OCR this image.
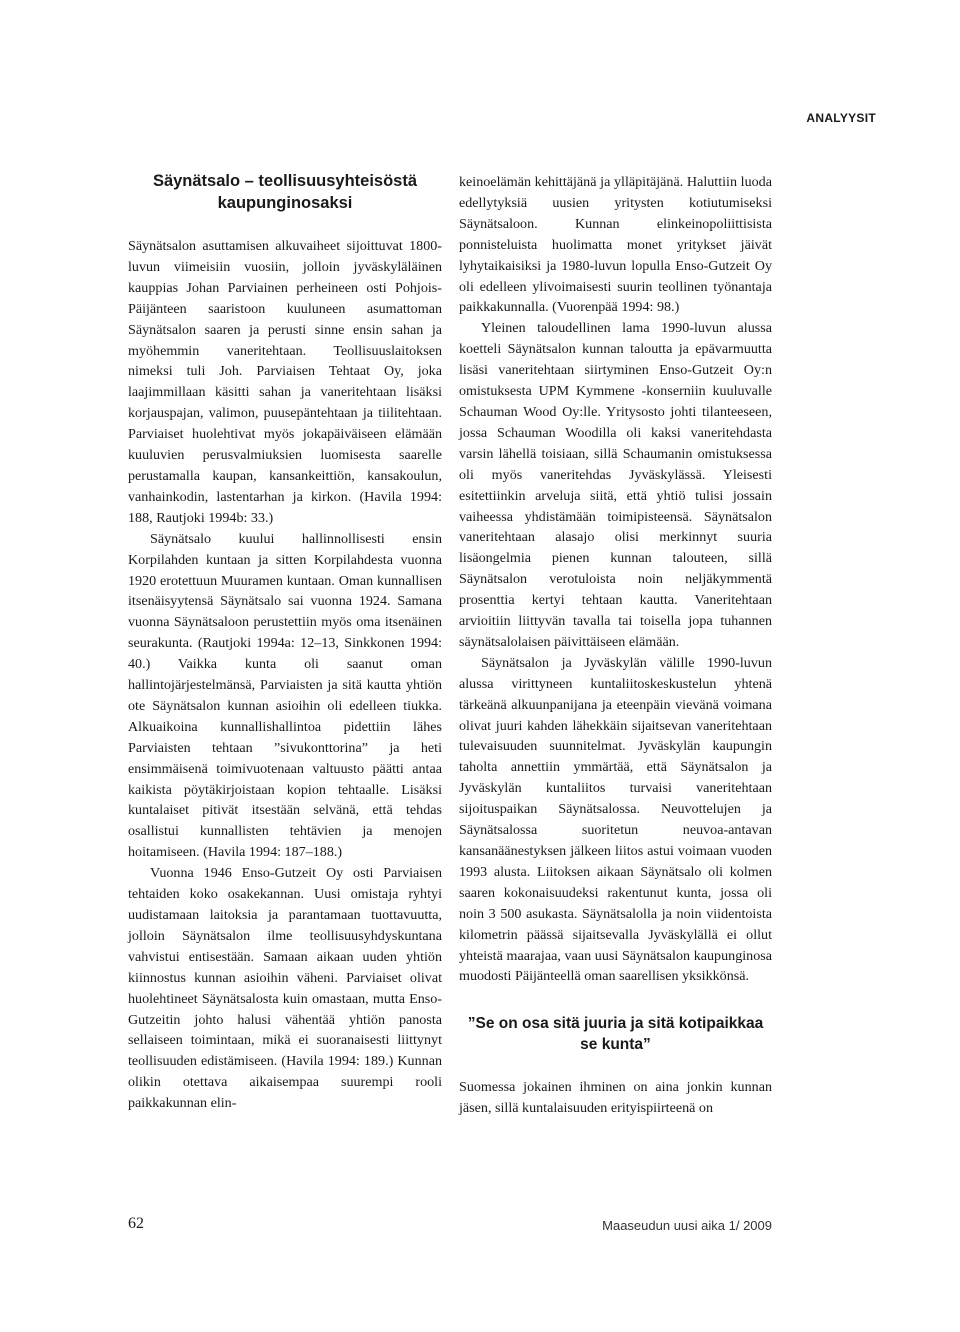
ANALYYSIT
Säynätsalo – teollisuusyhteisöstä kaupunginosaksi

Säynätsalon asuttamisen alkuvaiheet sijoittuvat 1800-luvun viimeisiin vuosiin, jolloin jyväskyläläinen kauppias Johan Parviainen perheineen osti Pohjois-Päijänteen saaristoon kuuluneen asumattoman Säynätsalon saaren ja perusti sinne ensin sahan ja myöhemmin vaneritehtaan. Teollisuuslaitoksen nimeksi tuli Joh. Parviaisen Tehtaat Oy, joka laajimmillaan käsitti sahan ja vaneritehtaan lisäksi korjauspajan, valimon, puusepäntehtaan ja tiilitehtaan. Parviaiset huolehtivat myös jokapäiväiseen elämään kuuluvien perusvalmiuksien luomisesta saarelle perustamalla kaupan, kansankeittiön, kansakoulun, vanhainkodin, lastentarhan ja kirkon. (Havila 1994: 188, Rautjoki 1994b: 33.)

Säynätsalo kuului hallinnollisesti ensin Korpilahden kuntaan ja sitten Korpilahdesta vuonna 1920 erotettuun Muuramen kuntaan. Oman kunnallisen itsenäisyytensä Säynätsalo sai vuonna 1924. Samana vuonna Säynätsaloon perustettiin myös oma itsenäinen seurakunta. (Rautjoki 1994a: 12–13, Sinkkonen 1994: 40.) Vaikka kunta oli saanut oman hallintojärjestelmänsä, Parviaisten ja sitä kautta yhtiön ote Säynätsalon kunnan asioihin oli edelleen tiukka. Alkuaikoina kunnallishallintoa pidettiin lähes Parviaisten tehtaan ”sivukonttorina” ja heti ensimmäisenä toimivuotenaan valtuusto päätti antaa kaikista pöytäkirjoistaan kopion tehtaalle. Lisäksi kuntalaiset pitivät itsestään selvänä, että tehdas osallistui kunnallisten tehtävien ja menojen hoitamiseen. (Havila 1994: 187–188.)

Vuonna 1946 Enso-Gutzeit Oy osti Parviaisen tehtaiden koko osakekannan. Uusi omistaja ryhtyi uudistamaan laitoksia ja parantamaan tuottavuutta, jolloin Säynätsalon ilme teollisuusyhdyskuntana vahvistui entisestään. Samaan aikaan uuden yhtiön kiinnostus kunnan asioihin väheni. Parviaiset olivat huolehtineet Säynätsalosta kuin omastaan, mutta Enso-Gutzeitin johto halusi vähentää yhtiön panosta sellaiseen toimintaan, mikä ei suoranaisesti liittynyt teollisuuden edistämiseen. (Havila 1994: 189.) Kunnan olikin otettava aikaisempaa suurempi rooli paikkakunnan elin-

keinoelämän kehittäjänä ja ylläpitäjänä. Haluttiin luoda edellytyksiä uusien yritysten kotiutumiseksi Säynätsaloon. Kunnan elinkeinopoliittisista ponnisteluista huolimatta monet yritykset jäivät lyhytaikaisiksi ja 1980-luvun lopulla Enso-Gutzeit Oy oli edelleen ylivoimaisesti suurin teollinen työnantaja paikkakunnalla. (Vuorenpää 1994: 98.)

Yleinen taloudellinen lama 1990-luvun alussa koetteli Säynätsalon kunnan taloutta ja epävarmuutta lisäsi vaneritehtaan siirtyminen Enso-Gutzeit Oy:n omistuksesta UPM Kymmene -konserniin kuuluvalle Schauman Wood Oy:lle. Yritysosto johti tilanteeseen, jossa Schauman Woodilla oli kaksi vaneritehdasta varsin lähellä toisiaan, sillä Schaumanin omistuksessa oli myös vaneritehdas Jyväskylässä. Yleisesti esitettiinkin arveluja siitä, että yhtiö tulisi jossain vaiheessa yhdistämään toimipisteensä. Säynätsalon vaneritehtaan alasajo olisi merkinnyt suuria lisäongelmia pienen kunnan talouteen, sillä Säynätsalon verotuloista noin neljäkymmentä prosenttia kertyi tehtaan kautta. Vaneritehtaan arvioitiin liittyvän tavalla tai toisella jopa tuhannen säynätsalolaisen päivittäiseen elämään.

Säynätsalon ja Jyväskylän välille 1990-luvun alussa virittyneen kuntaliitoskeskustelun yhtenä tärkeänä alkuunpanijana ja eteenpäin vievänä voimana olivat juuri kahden lähekkäin sijaitsevan vaneritehtaan tulevaisuuden suunnitelmat. Jyväskylän kaupungin taholta annettiin ymmärtää, että Säynätsalon ja Jyväskylän kuntaliitos turvaisi vaneritehtaan sijoituspaikan Säynätsalossa. Neuvottelujen ja Säynätsalossa suoritetun neuvoa-antavan kansanäänestyksen jälkeen liitos astui voimaan vuoden 1993 alusta. Liitoksen aikaan Säynätsalo oli kolmen saaren kokonaisuudeksi rakentunut kunta, jossa oli noin 3 500 asukasta. Säynätsalolla ja noin viidentoista kilometrin päässä sijaitsevalla Jyväskylällä ei ollut yhteistä maarajaa, vaan uusi Säynätsalon kaupunginosa muodosti Päijänteellä oman saarellisen yksikkönsä.

”Se on osa sitä juuria ja sitä kotipaikkaa se kunta”

Suomessa jokainen ihminen on aina jonkin kunnan jäsen, sillä kuntalaisuuden erityispiirteenä on

62	Maaseudun uusi aika 1/ 2009
